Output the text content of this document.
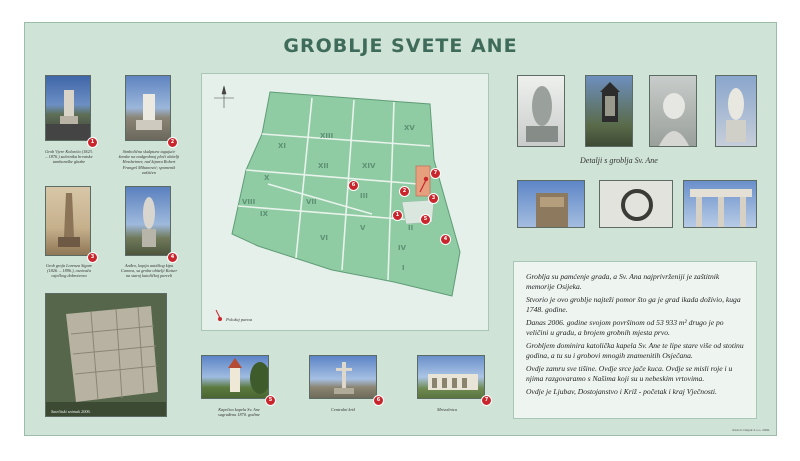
GROBLJE SVETE ANE
1
Grob Vjere Kolarića (1823. – 1876.) začetnika hrvatske tamburaške glazbe
2
Simbolična skulptura tugujuće ženske na nadgrobnoj ploči obitelji Hessheimer, rad kipara Robert Frangeš Mihanović; spomenik zaštićen
3
Grob grofa Lorenza Sigare (1826. – 1896.), osnivača osječkog dobrotvora
4
Anđeo, kopija antičkog kipa Canova, sa groba obitelji Kaiser na staroj katoličkoj parceli
Satelitski snimak 2006.
XV
XIV
XIII
XII
XI
X
IX
VIII	VII
VI
V
IV
III
II
I
1
2
3
4
5
6
7
Položaj panoa
5
Kapelica kapela Sv. Ane sagrađena 1870. godine
6
Centralni križ
7
Mrtvačnica
Detalji s groblja Sv. Ane

Groblja su pamćenje grada, a Sv. Ana najprivrženiji je zaštitnik memorije Osijeka.

Stvorio je ovo groblje najteži pomor što ga je grad ikada doživio, kuga 1748. godine.

Danas 2006. godine svojom površinom od 53 933 m² drugo je po veličini u gradu, a brojem grobnih mjesta prvo.

Grobljem dominira katolička kapela Sv. Ane te lipe stare više od stotinu godina, a tu su i grobovi mnogih znamenitih Osječana.

Ovdje zamru sve tišine. Ovdje srce jače kuca. Ovdje se misli roje i u njima razgovaramo s Našima koji su u nebeskim vrtovima.

Ovdje je Ljubav, Dostojanstvo i Križ - početak i kraj Vječnosti.

Radovi Osijek d.o.o. 2006.
